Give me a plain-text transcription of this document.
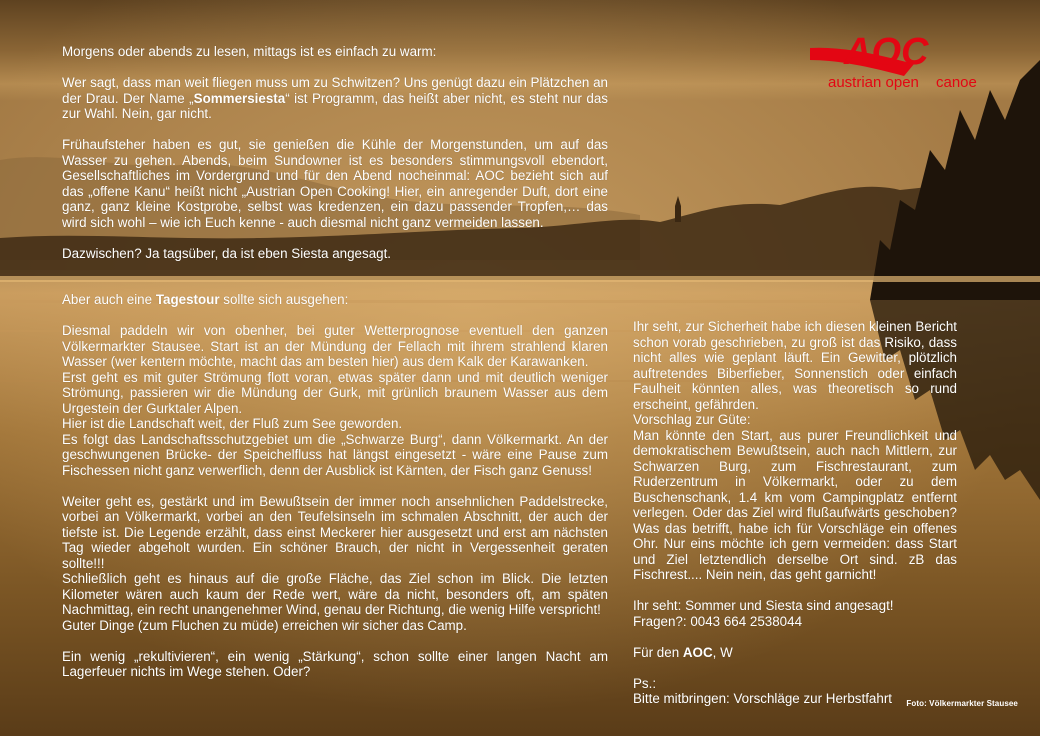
AOC
austrian open canoe

Morgens oder abends zu lesen, mittags ist es einfach zu warm:

Wer sagt, dass man weit fliegen muss um zu Schwitzen? Uns genügt dazu ein Plätzchen an der Drau. Der Name „Sommersiesta“ ist Programm, das heißt aber nicht, es steht nur das zur Wahl. Nein, gar nicht.

Frühaufsteher haben es gut, sie genießen die Kühle der Morgenstunden, um auf das Wasser zu gehen. Abends, beim Sundowner ist es besonders stimmungsvoll ebendort, Gesellschaftliches im Vordergrund und für den Abend nocheinmal: AOC bezieht sich auf das „offene Kanu“ heißt nicht „Austrian Open Cooking! Hier, ein anregender Duft, dort eine ganz, ganz kleine Kostprobe, selbst was kredenzen, ein dazu passender Tropfen,… das wird sich wohl – wie ich Euch kenne - auch diesmal nicht ganz vermeiden lassen.

Dazwischen? Ja tagsüber, da ist eben Siesta angesagt.

Aber auch eine Tagestour sollte sich ausgehen:

Diesmal paddeln wir von obenher, bei guter Wetterprognose eventuell den ganzen Völkermarkter Stausee. Start ist an der Mündung der Fellach mit ihrem strahlend klaren Wasser (wer kentern möchte, macht das am besten hier) aus dem Kalk der Karawanken.

Erst geht es mit guter Strömung flott voran, etwas später dann und mit deutlich weniger Strömung, passieren wir die Mündung der Gurk, mit grünlich braunem Wasser aus dem Urgestein der Gurktaler Alpen.

Hier ist die Landschaft weit, der Fluß zum See geworden.

Es folgt das Landschaftsschutzgebiet um die „Schwarze Burg“, dann Völkermarkt. An der geschwungenen Brücke- der Speichelfluss hat längst eingesetzt - wäre eine Pause zum Fischessen nicht ganz verwerflich, denn der Ausblick ist Kärnten, der Fisch ganz Genuss!

Weiter geht es, gestärkt und im Bewußtsein der immer noch ansehnlichen Paddelstrecke, vorbei an Völkermarkt, vorbei an den Teufelsinseln im schmalen Abschnitt, der auch der tiefste ist. Die Legende erzählt, dass einst Meckerer hier ausgesetzt und erst am nächsten Tag wieder abgeholt wurden. Ein schöner Brauch, der nicht in Vergessenheit geraten sollte!!!

Schließlich geht es hinaus auf die große Fläche, das Ziel schon im Blick. Die letzten Kilometer wären auch kaum der Rede wert, wäre da nicht, besonders oft, am späten Nachmittag, ein recht unangenehmer Wind, genau der Richtung, die wenig Hilfe verspricht!

Guter Dinge (zum Fluchen zu müde) erreichen wir sicher das Camp.

Ein wenig „rekultivieren“, ein wenig „Stärkung“, schon sollte einer langen Nacht am Lagerfeuer nichts im Wege stehen. Oder?

Ihr seht, zur Sicherheit habe ich diesen kleinen Bericht schon vorab geschrieben, zu groß ist das Risiko, dass nicht alles wie geplant läuft. Ein Gewitter, plötzlich auftretendes Biberfieber, Sonnenstich oder einfach Faulheit könnten alles, was theoretisch so rund erscheint, gefährden.

Vorschlag zur Güte:

Man könnte den Start, aus purer Freundlichkeit und demokratischem Bewußtsein, auch nach Mittlern, zur Schwarzen Burg, zum Fischrestaurant, zum Ruderzentrum in Völkermarkt, oder zu dem Buschenschank, 1.4 km vom Campingplatz entfernt verlegen. Oder das Ziel wird flußaufwärts geschoben? Was das betrifft, habe ich für Vorschläge ein offenes Ohr. Nur eins möchte ich gern vermeiden: dass Start und Ziel letztendlich derselbe Ort sind. zB das Fischrest.... Nein nein, das geht garnicht!

Ihr seht: Sommer und Siesta sind angesagt!

Fragen?: 0043 664 2538044

Für den AOC, W

Ps.:

Bitte mitbringen: Vorschläge zur Herbstfahrt	Foto: Völkermarkter Stausee
